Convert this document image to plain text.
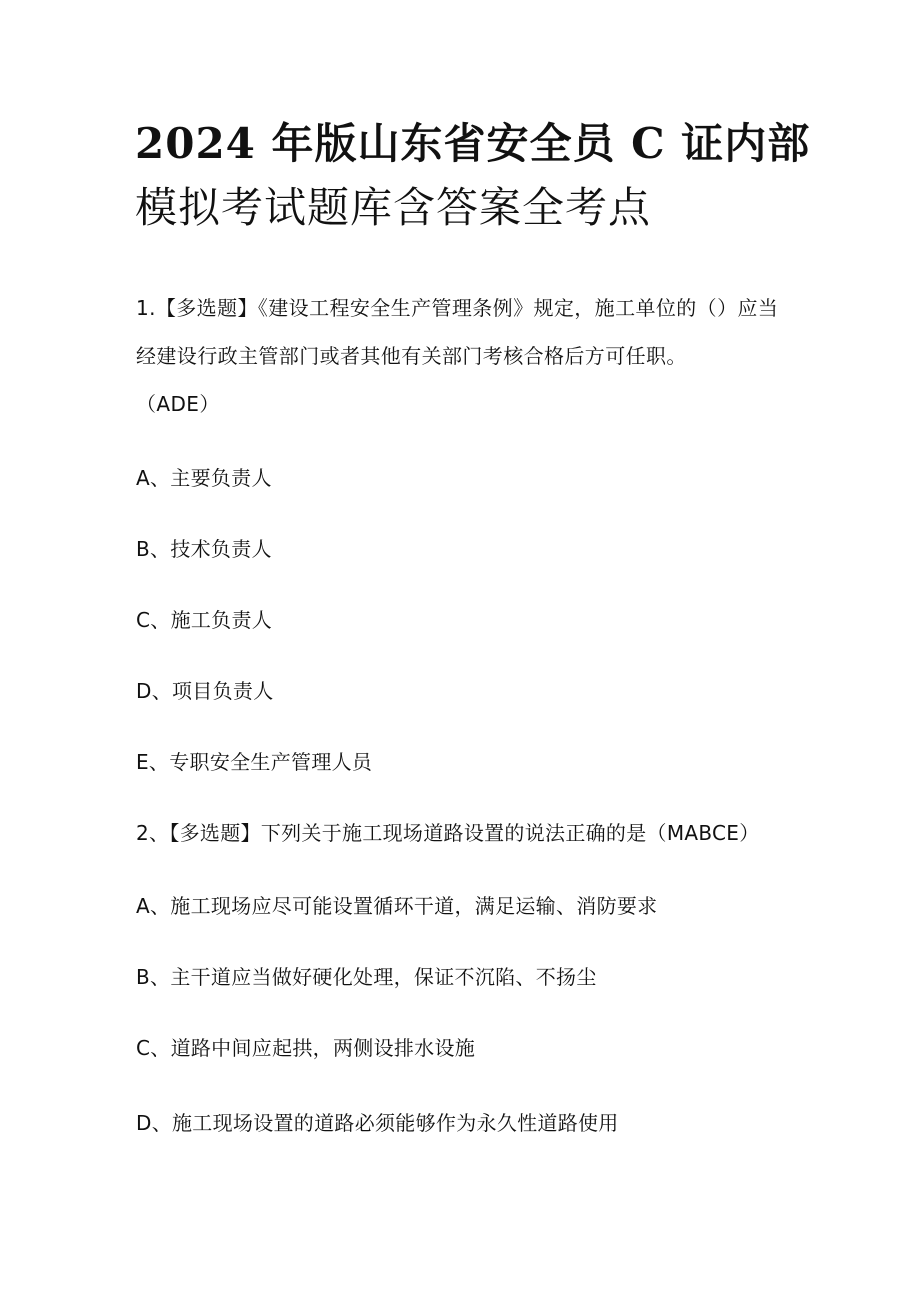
2024 年版山东省安全员 C 证内部
模拟考试题库含答案全考点
1.【多选题】《建设工程安全生产管理条例》规定，施工单位的（）应当
经建设行政主管部门或者其他有关部门考核合格后方可任职。
（ADE）

A、主要负责人

B、技术负责人

C、施工负责人

D、项目负责人

E、专职安全生产管理人员

2、【多选题】下列关于施工现场道路设置的说法正确的是（MABCE）

A、施工现场应尽可能设置循环干道，满足运输、消防要求

B、主干道应当做好硬化处理，保证不沉陷、不扬尘

C、道路中间应起拱，两侧设排水设施

D、施工现场设置的道路必须能够作为永久性道路使用
